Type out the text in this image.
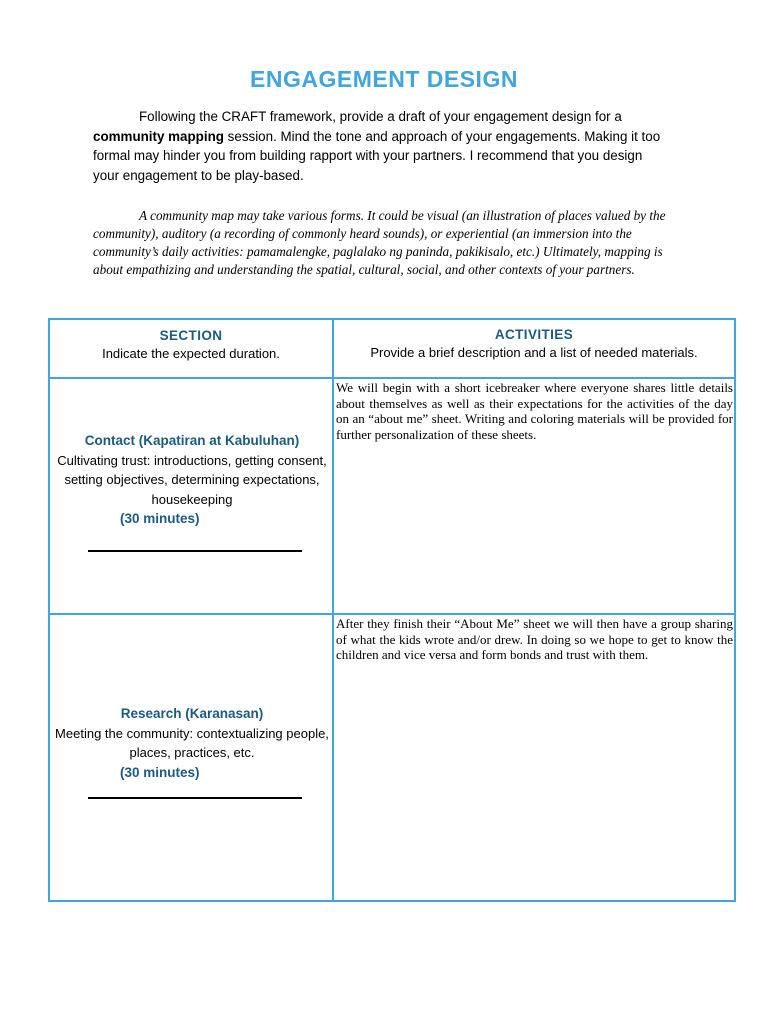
ENGAGEMENT DESIGN

Following the CRAFT framework, provide a draft of your engagement design for a community mapping session. Mind the tone and approach of your engagements. Making it too formal may hinder you from building rapport with your partners. I recommend that you design your engagement to be play-based.

A community map may take various forms. It could be visual (an illustration of places valued by the community), auditory (a recording of commonly heard sounds), or experiential (an immersion into the community’s daily activities: pamamalengke, paglalako ng paninda, pakikisalo, etc.) Ultimately, mapping is about empathizing and understanding the spatial, cultural, social, and other contexts of your partners.

SECTION
Indicate the expected duration.
ACTIVITIES
Provide a brief description and a list of needed materials.
Contact (Kapatiran at Kabuluhan) Cultivating trust: introductions, getting consent, setting objectives, determining expectations, housekeeping
(30 minutes)
We will begin with a short icebreaker where everyone shares little details about themselves as well as their expectations for the activities of the day on an “about me” sheet. Writing and coloring materials will be provided for further personalization of these sheets.
Research (Karanasan)
Meeting the community: contextualizing people, places, practices, etc.
(30 minutes)
After they finish their “About Me” sheet we will then have a group sharing of what the kids wrote and/or drew. In doing so we hope to get to know the children and vice versa and form bonds and trust with them.
